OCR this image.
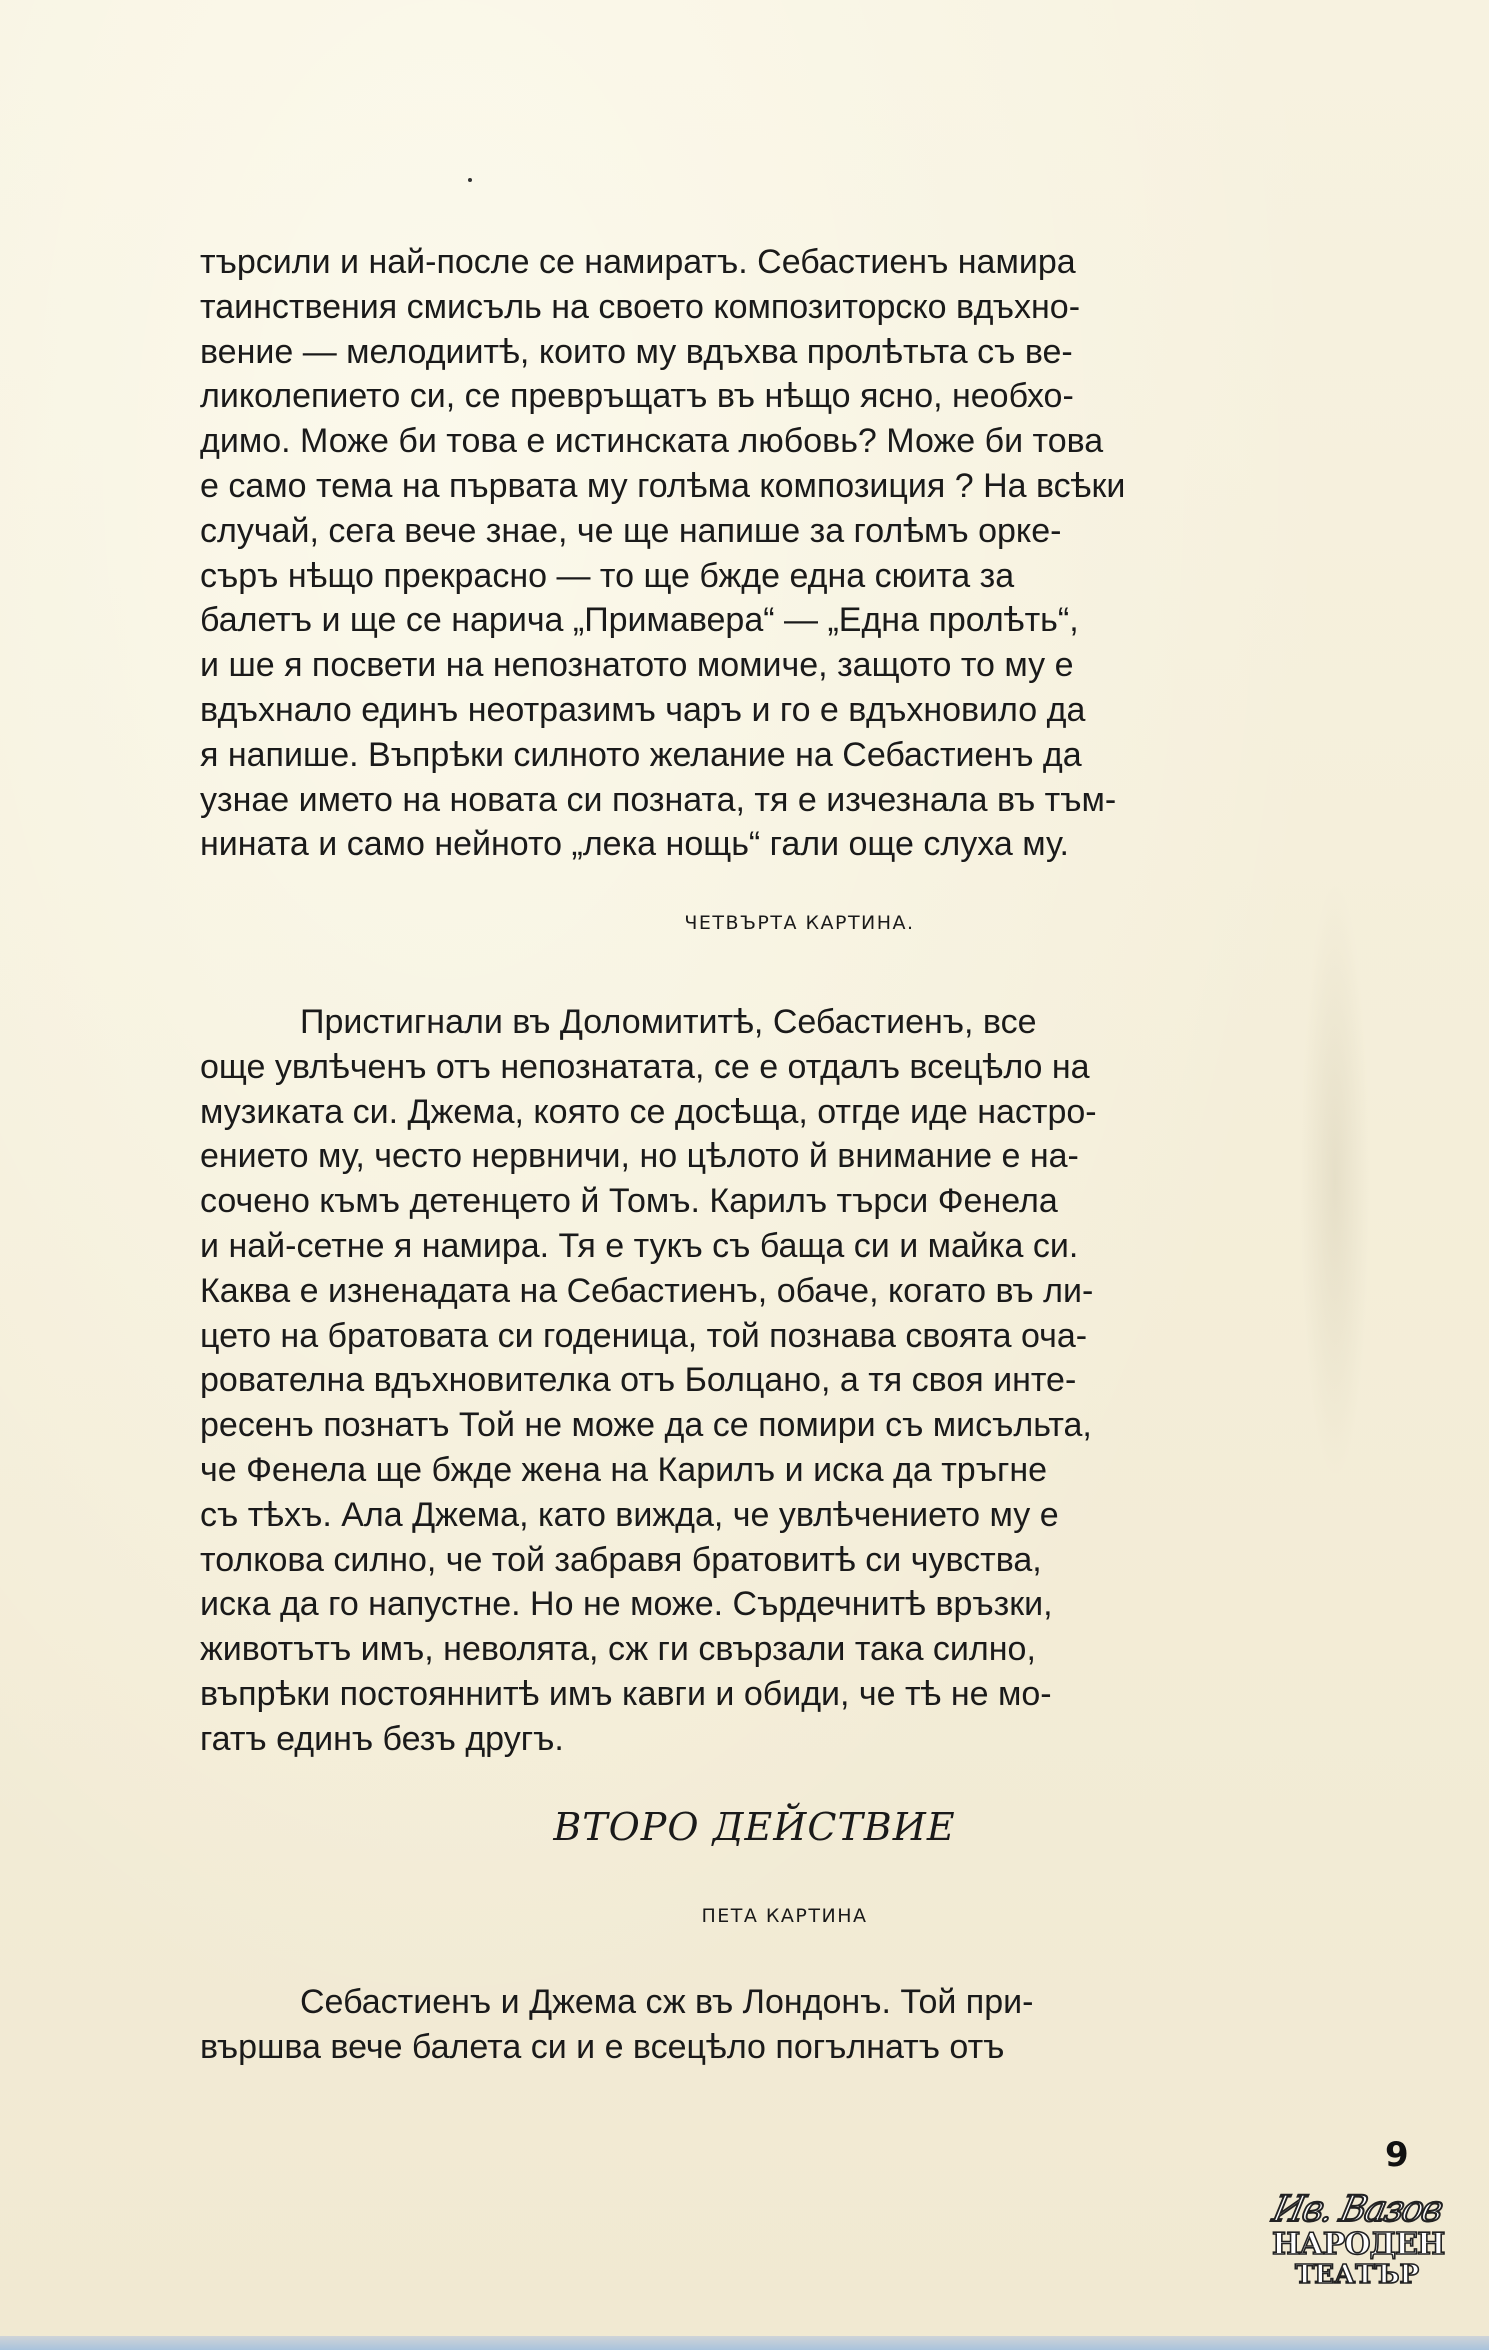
търсили и най-после се намиратъ. Себастиенъ намира
таинствения смисъль на своето композиторско вдъхно-
вение — мелодиитѣ, които му вдъхва пролѣтьта съ ве-
ликолепието си, се превръщатъ въ нѣщо ясно, необхо-
димо. Може би това е истинската любовь? Може би това
е само тема на първата му голѣма композиция ? На всѣки
случай, сега вече знае, че ще напише за голѣмъ орке-
съръ нѣщо прекрасно — то ще бжде една сюита за
балетъ и ще се нарича „Примавера“ — „Една пролѣть“,
и ше я посвети на непознатото момиче, защото то му е
вдъхнало единъ неотразимъ чаръ и го е вдъхновило да
я напише. Въпрѣки силното желание на Себастиенъ да
узнае името на новата си позната, тя е изчезнала въ тъм-
нината и само нейното „лека нощь“ гали още слуха му.
ЧЕТВЪРТА КАРТИНА.
Пристигнали въ Доломититѣ, Себастиенъ, все
още увлѣченъ отъ непознатата, се е отдалъ всецѣло на
музиката си. Джема, която се досѣща, отгде иде настро-
ението му, често нервничи, но цѣлото й внимание е на-
сочено къмъ детенцето й Томъ. Карилъ търси Фенела
и най-сетне я намира. Тя е тукъ съ баща си и майка си.
Каква е изненадата на Себастиенъ, обаче, когато въ ли-
цето на братовата си годеница, той познава своята оча-
рователна вдъхновителка отъ Болцано, а тя своя инте-
ресенъ познатъ Той не може да се помири съ мисъльта,
че Фенела ще бжде жена на Карилъ и иска да тръгне
съ тѣхъ. Ала Джема, като вижда, че увлѣчението му е
толкова силно, че той забравя братовитѣ си чувства,
иска да го напустне. Но не може. Сърдечнитѣ връзки,
животътъ имъ, неволята, сж ги свързали така силно,
въпрѣки постояннитѣ имъ кавги и обиди, че тѣ не мо-
гатъ единъ безъ другъ.
ВТОРО ДЕЙСТВИЕ
ПЕТА КАРТИНА
Себастиенъ и Джема сж въ Лондонъ. Той при-
вършва вече балета си и е всецѣло погълнатъ отъ
9
Ив. Вазов
НАРОДЕН
ТЕАТЪР
